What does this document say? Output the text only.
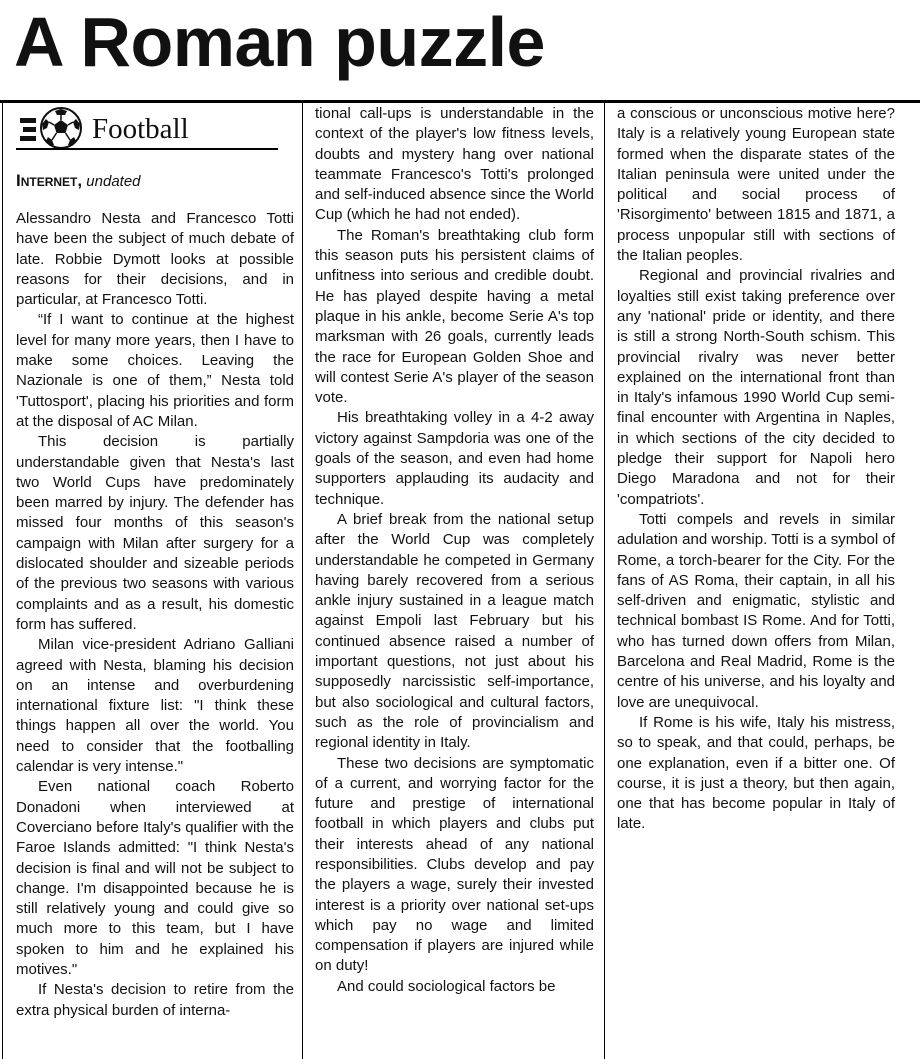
A Roman puzzle
Football
Internet, undated

Alessandro Nesta and Francesco Totti have been the subject of much debate of late. Robbie Dymott looks at possible reasons for their decisions, and in particular, at Francesco Totti.

“If I want to continue at the highest level for many more years, then I have to make some choices. Leaving the Nazionale is one of them,” Nesta told 'Tuttosport', placing his priorities and form at the disposal of AC Milan.

This decision is partially understandable given that Nesta's last two World Cups have predominately been marred by injury. The defender has missed four months of this season's campaign with Milan after surgery for a dislocated shoulder and sizeable periods of the previous two seasons with various complaints and as a result, his domestic form has suffered.

Milan vice-president Adriano Galliani agreed with Nesta, blaming his decision on an intense and overburdening international fixture list: "I think these things happen all over the world. You need to consider that the footballing calendar is very intense."

Even national coach Roberto Donadoni when interviewed at Coverciano before Italy's qualifier with the Faroe Islands admitted: "I think Nesta's decision is final and will not be subject to change. I'm disappointed because he is still relatively young and could give so much more to this team, but I have spoken to him and he explained his motives."

If Nesta's decision to retire from the extra physical burden of interna-

tional call-ups is understandable in the context of the player's low fitness levels, doubts and mystery hang over national teammate Francesco's Totti's prolonged and self-induced absence since the World Cup (which he had not ended).

The Roman's breathtaking club form this season puts his persistent claims of unfitness into serious and credible doubt. He has played despite having a metal plaque in his ankle, become Serie A's top marksman with 26 goals, currently leads the race for European Golden Shoe and will contest Serie A's player of the season vote.

His breathtaking volley in a 4-2 away victory against Sampdoria was one of the goals of the season, and even had home supporters applauding its audacity and technique.

A brief break from the national setup after the World Cup was completely understandable he competed in Germany having barely recovered from a serious ankle injury sustained in a league match against Empoli last February but his continued absence raised a number of important questions, not just about his supposedly narcissistic self-importance, but also sociological and cultural factors, such as the role of provincialism and regional identity in Italy.

These two decisions are symptomatic of a current, and worrying factor for the future and prestige of international football in which players and clubs put their interests ahead of any national responsibilities. Clubs develop and pay the players a wage, surely their invested interest is a priority over national set-ups which pay no wage and limited compensation if players are injured while on duty!

And could sociological factors be

a conscious or unconscious motive here? Italy is a relatively young European state formed when the disparate states of the Italian peninsula were united under the political and social process of 'Risorgimento' between 1815 and 1871, a process unpopular still with sections of the Italian peoples.

Regional and provincial rivalries and loyalties still exist taking preference over any 'national' pride or identity, and there is still a strong North-South schism. This provincial rivalry was never better explained on the international front than in Italy's infamous 1990 World Cup semi-final encounter with Argentina in Naples, in which sections of the city decided to pledge their support for Napoli hero Diego Maradona and not for their 'compatriots'.

Totti compels and revels in similar adulation and worship. Totti is a symbol of Rome, a torch-bearer for the City. For the fans of AS Roma, their captain, in all his self-driven and enigmatic, stylistic and technical bombast IS Rome. And for Totti, who has turned down offers from Milan, Barcelona and Real Madrid, Rome is the centre of his universe, and his loyalty and love are unequivocal.

If Rome is his wife, Italy his mistress, so to speak, and that could, perhaps, be one explanation, even if a bitter one. Of course, it is just a theory, but then again, one that has become popular in Italy of late.
